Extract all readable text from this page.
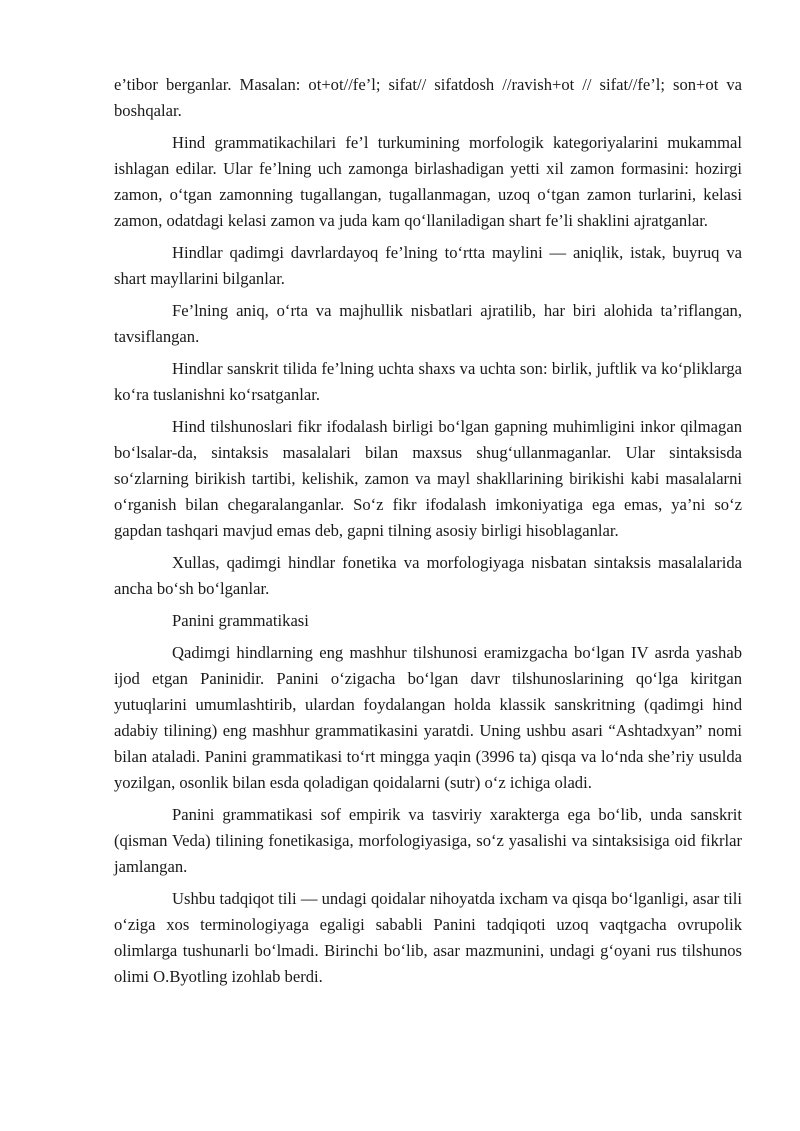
e’tibor berganlar. Masalan: ot+ot//fe’l; sifat// sifatdosh //ravish+ot // sifat//fe’l; son+ot va boshqalar.

Hind grammatikachilari fe’l turkumining morfologik kategoriyalarini mukammal ishlagan edilar. Ular fe’lning uch zamonga birlashadigan yetti xil zamon formasini: hozirgi zamon, o‘tgan zamonning tugallangan, tugallanmagan, uzoq o‘tgan zamon turlarini, kelasi zamon, odatdagi kelasi zamon va juda kam qo‘llaniladigan shart fe’li shaklini ajratganlar.

Hindlar qadimgi davrlardayoq fe’lning to‘rtta maylini — aniqlik, istak, buyruq va shart mayllarini bilganlar.

Fe’lning aniq, o‘rta va majhullik nisbatlari ajratilib, har biri alohida ta’riflangan, tavsiflangan.

Hindlar sanskrit tilida fe’lning uchta shaxs va uchta son: birlik, juftlik va ko‘pliklarga ko‘ra tuslanishni ko‘rsatganlar.

Hind tilshunoslari fikr ifodalash birligi bo‘lgan gapning muhimligini inkor qilmagan bo‘lsalar-da, sintaksis masalalari bilan maxsus shug‘ullanmaganlar. Ular sintaksisda so‘zlarning birikish tartibi, kelishik, zamon va mayl shakllarining birikishi kabi masalalarni o‘rganish bilan chegaralanganlar. So‘z fikr ifodalash imkoniyatiga ega emas, ya’ni so‘z gapdan tashqari mavjud emas deb, gapni tilning asosiy birligi hisoblaganlar.

Xullas, qadimgi hindlar fonetika va morfologiyaga nisbatan sintaksis masalalarida ancha bo‘sh bo‘lganlar.

Panini grammatikasi

Qadimgi hindlarning eng mashhur tilshunosi eramizgacha bo‘lgan IV asrda yashab ijod etgan Paninidir. Panini o‘zigacha bo‘lgan davr tilshunoslarining qo‘lga kiritgan yutuqlarini umumlashtirib, ulardan foydalangan holda klassik sanskritning (qadimgi hind adabiy tilining) eng mashhur grammatikasini yaratdi. Uning ushbu asari “Ashtadxyan” nomi bilan ataladi. Panini grammatikasi to‘rt mingga yaqin (3996 ta) qisqa va lo‘nda she’riy usulda yozilgan, osonlik bilan esda qoladigan qoidalarni (sutr) o‘z ichiga oladi.

Panini grammatikasi sof empirik va tasviriy xarakterga ega bo‘lib, unda sanskrit (qisman Veda) tilining fonetikasiga, morfologiyasiga, so‘z yasalishi va sintaksisiga oid fikrlar jamlangan.

Ushbu tadqiqot tili — undagi qoidalar nihoyatda ixcham va qisqa bo‘lganligi, asar tili o‘ziga xos terminologiyaga egaligi sababli Panini tadqiqoti uzoq vaqtgacha ovrupolik olimlarga tushunarli bo‘lmadi. Birinchi bo‘lib, asar mazmunini, undagi g‘oyani rus tilshunos olimi O.Byotling izohlab berdi.
